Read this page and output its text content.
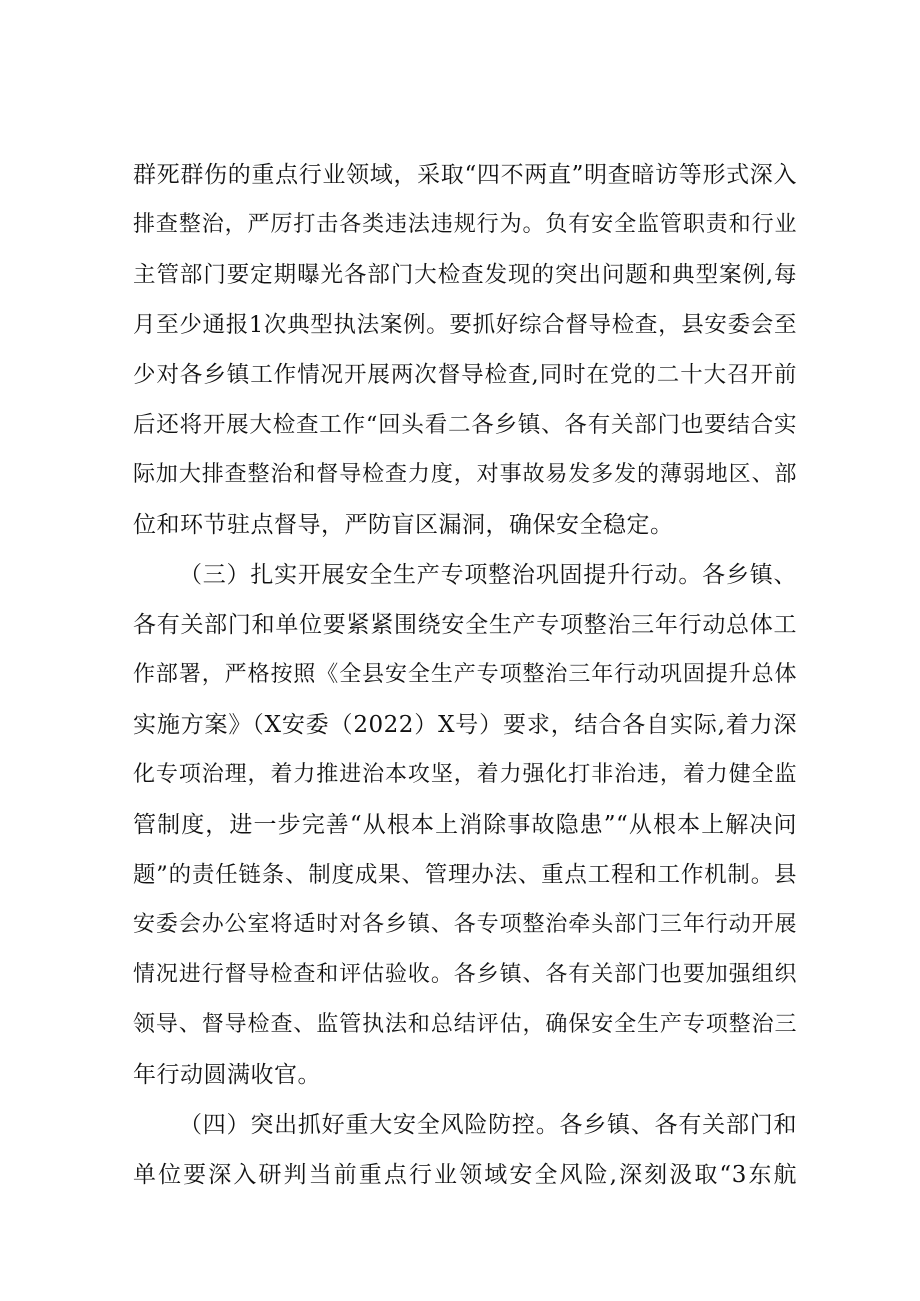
群死群伤的重点行业领域，采取“四不两直”明查暗访等形式深入
排查整治，严厉打击各类违法违规行为。负有安全监管职责和行业
主管部门要定期曝光各部门大检查发现的突出问题和典型案例,每
月至少通报1次典型执法案例。要抓好综合督导检查，县安委会至
少对各乡镇工作情况开展两次督导检查,同时在党的二十大召开前
后还将开展大检查工作“回头看二各乡镇、各有关部门也要结合实
际加大排查整治和督导检查力度，对事故易发多发的薄弱地区、部
位和环节驻点督导，严防盲区漏洞，确保安全稳定。
（三）扎实开展安全生产专项整治巩固提升行动。各乡镇、
各有关部门和单位要紧紧围绕安全生产专项整治三年行动总体工
作部署，严格按照《全县安全生产专项整治三年行动巩固提升总体
实施方案》（X安委（2022）X号）要求，结合各自实际,着力深
化专项治理，着力推进治本攻坚，着力强化打非治违，着力健全监
管制度，进一步完善“从根本上消除事故隐患”“从根本上解决问
题”的责任链条、制度成果、管理办法、重点工程和工作机制。县
安委会办公室将适时对各乡镇、各专项整治牵头部门三年行动开展
情况进行督导检查和评估验收。各乡镇、各有关部门也要加强组织
领导、督导检查、监管执法和总结评估，确保安全生产专项整治三
年行动圆满收官。
（四）突出抓好重大安全风险防控。各乡镇、各有关部门和
单位要深入研判当前重点行业领域安全风险,深刻汲取“3东航
